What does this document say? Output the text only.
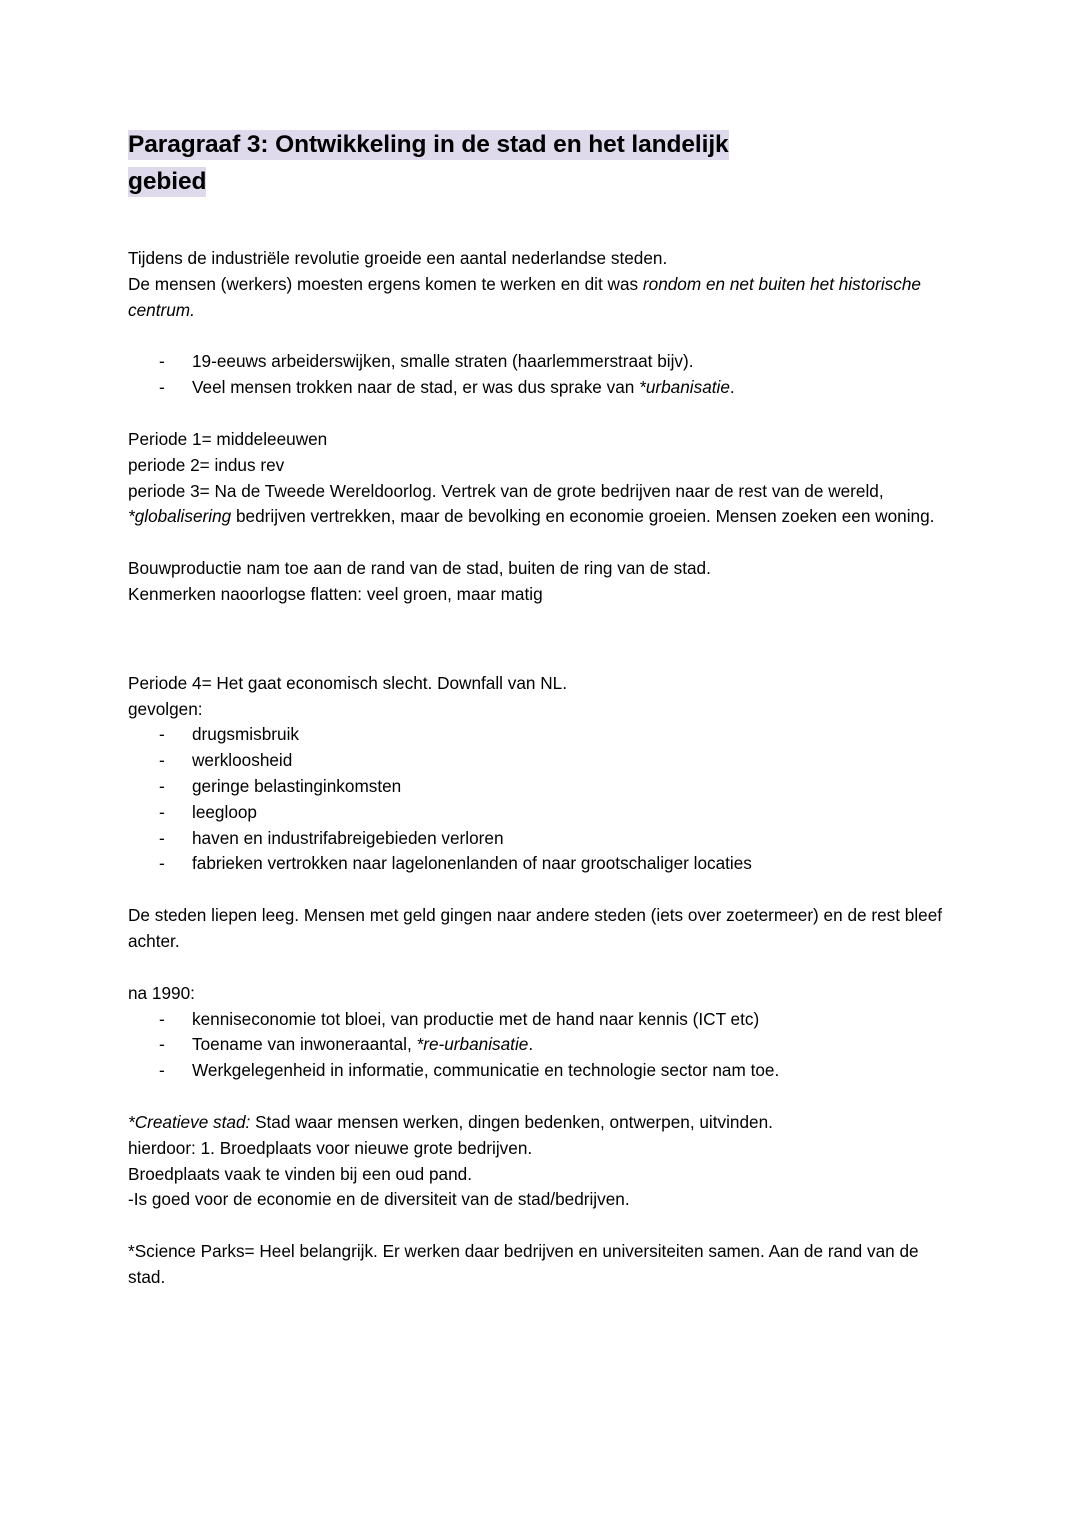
Paragraaf 3: Ontwikkeling in de stad en het landelijk
gebied

Tijdens de industriële revolutie groeide een aantal nederlandse steden.

De mensen (werkers) moesten ergens komen te werken en dit was rondom en net buiten het historische centrum.

- 19-eeuws arbeiderswijken, smalle straten (haarlemmerstraat bijv).
- Veel mensen trokken naar de stad, er was dus sprake van *urbanisatie.

Periode 1= middeleeuwen

periode 2= indus rev

periode 3= Na de Tweede Wereldoorlog. Vertrek van de grote bedrijven naar de rest van de wereld, *globalisering bedrijven vertrekken, maar de bevolking en economie groeien. Mensen zoeken een woning.

Bouwproductie nam toe aan de rand van de stad, buiten de ring van de stad.

Kenmerken naoorlogse flatten: veel groen, maar matig

Periode 4= Het gaat economisch slecht. Downfall van NL.

gevolgen:

- drugsmisbruik
- werkloosheid
- geringe belastinginkomsten
- leegloop
- haven en industrifabreigebieden verloren
- fabrieken vertrokken naar lagelonenlanden of naar grootschaliger locaties

De steden liepen leeg. Mensen met geld gingen naar andere steden (iets over zoetermeer) en de rest bleef achter.

na 1990:

- kenniseconomie tot bloei, van productie met de hand naar kennis (ICT etc)
- Toename van inwoneraantal, *re-urbanisatie.
- Werkgelegenheid in informatie, communicatie en technologie sector nam toe.

*Creatieve stad: Stad waar mensen werken, dingen bedenken, ontwerpen, uitvinden.

hierdoor: 1. Broedplaats voor nieuwe grote bedrijven.

Broedplaats vaak te vinden bij een oud pand.

-Is goed voor de economie en de diversiteit van de stad/bedrijven.

*Science Parks= Heel belangrijk. Er werken daar bedrijven en universiteiten samen. Aan de rand van de stad.
